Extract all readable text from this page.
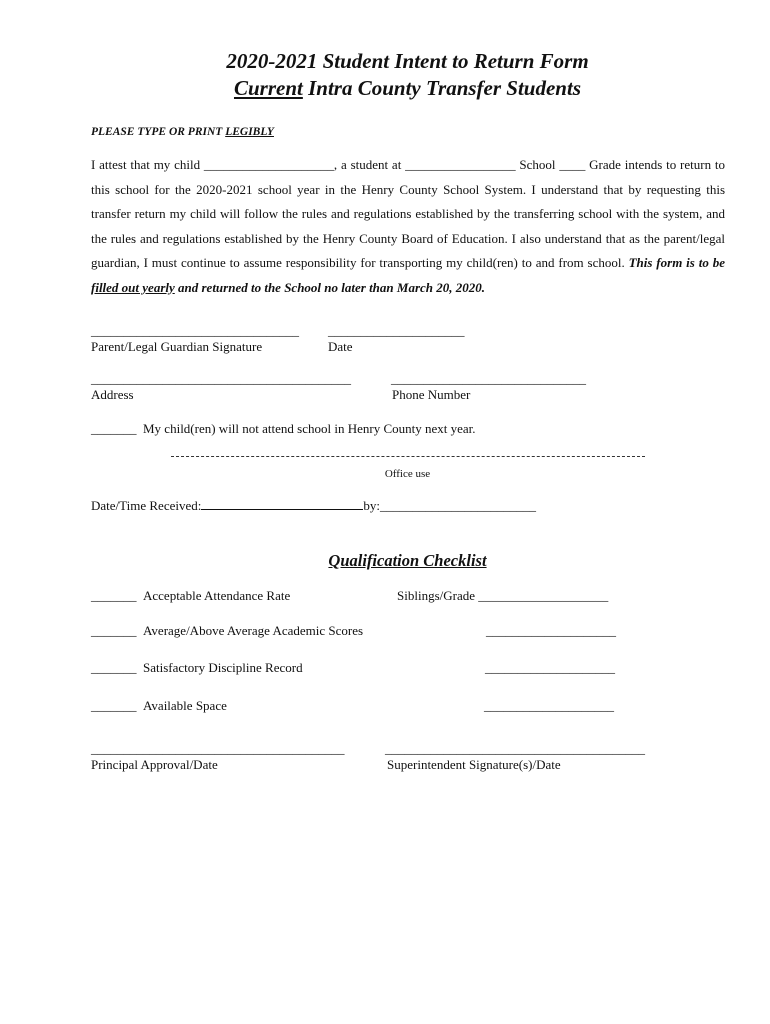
2020-2021 Student Intent to Return Form
Current Intra County Transfer Students
PLEASE TYPE OR PRINT LEGIBLY
I attest that my child ____________________, a student at _________________ School ____ Grade intends to return to this school for the 2020-2021 school year in the Henry County School System. I understand that by requesting this transfer return my child will follow the rules and regulations established by the transferring school with the system, and the rules and regulations established by the Henry County Board of Education. I also understand that as the parent/legal guardian, I must continue to assume responsibility for transporting my child(ren) to and from school. This form is to be filled out yearly and returned to the School no later than March 20, 2020.
________________________________ _____________________
Parent/Legal Guardian Signature	Date
________________________________________	______________________________
Address	Phone Number
_______ My child(ren) will not attend school in Henry County next year.
Office use
Date/Time Received:	by:________________________
Qualification Checklist
_______ Acceptable Attendance Rate	Siblings/Grade ____________________
_______ Average/Above Average Academic Scores	____________________
_______ Satisfactory Discipline Record	____________________
_______ Available Space	____________________
_______________________________________	________________________________________
Principal Approval/Date	Superintendent Signature(s)/Date
